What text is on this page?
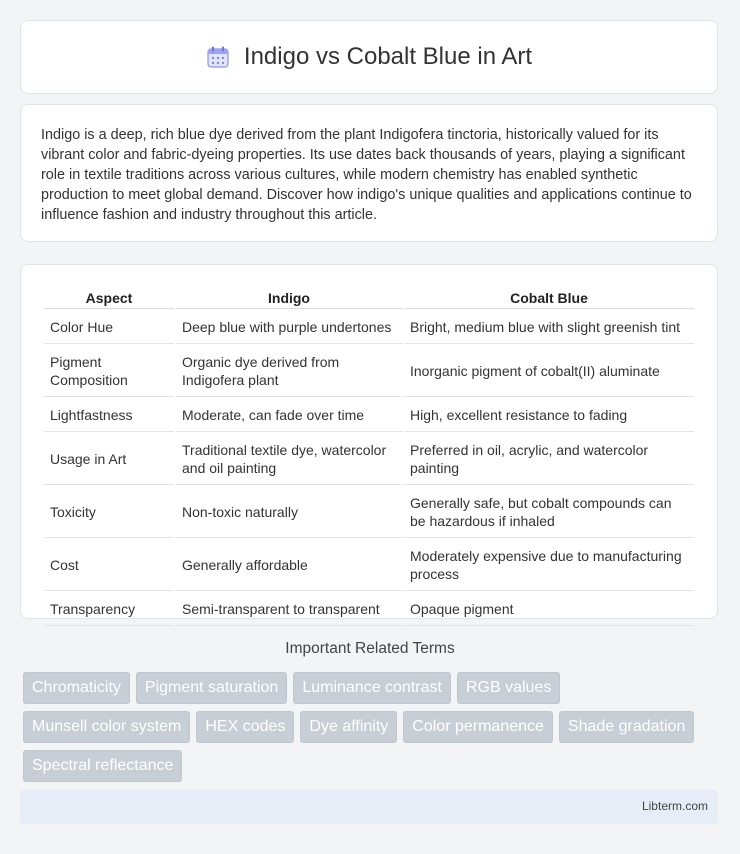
Indigo vs Cobalt Blue in Art

Indigo is a deep, rich blue dye derived from the plant Indigofera tinctoria, historically valued for its vibrant color and fabric-dyeing properties. Its use dates back thousands of years, playing a significant role in textile traditions across various cultures, while modern chemistry has enabled synthetic production to meet global demand. Discover how indigo's unique qualities and applications continue to influence fashion and industry throughout this article.

Aspect	Indigo	Cobalt Blue
Color Hue	Deep blue with purple undertones	Bright, medium blue with slight greenish tint
Pigment Composition	Organic dye derived from Indigofera plant	Inorganic pigment of cobalt(II) aluminate
Lightfastness	Moderate, can fade over time	High, excellent resistance to fading
Usage in Art	Traditional textile dye, watercolor and oil painting	Preferred in oil, acrylic, and watercolor painting
Toxicity	Non-toxic naturally	Generally safe, but cobalt compounds can be hazardous if inhaled
Cost	Generally affordable	Moderately expensive due to manufacturing process
Transparency	Semi-transparent to transparent	Opaque pigment
Important Related Terms
Chromaticity	Pigment saturation	Luminance contrast	RGB values
Munsell color system	HEX codes	Dye affinity	Color permanence	Shade gradation
Spectral reflectance
Libterm.com
